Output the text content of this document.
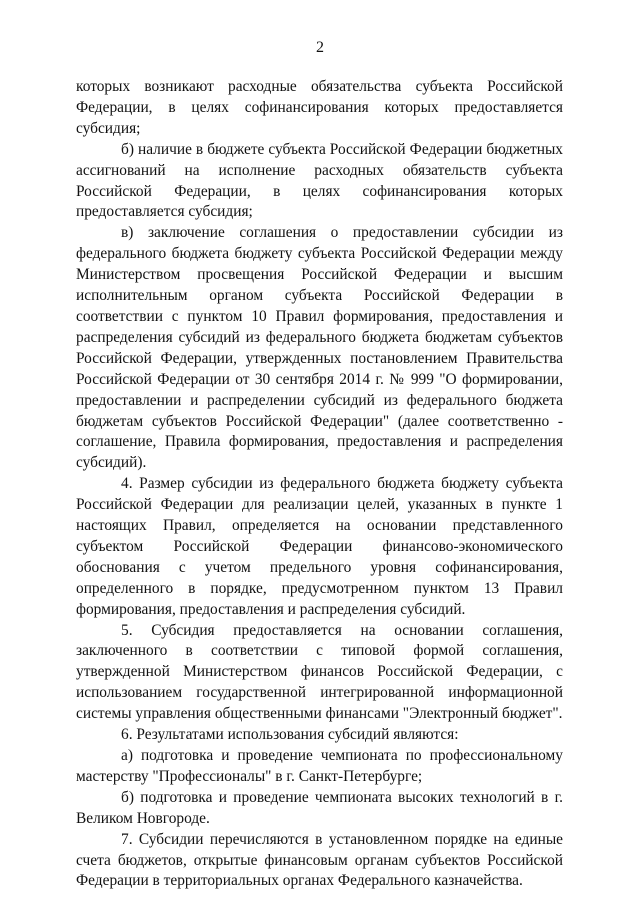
2

которых возникают расходные обязательства субъекта Российской Федерации, в целях софинансирования которых предоставляется субсидия;

б) наличие в бюджете субъекта Российской Федерации бюджетных ассигнований на исполнение расходных обязательств субъекта Российской Федерации, в целях софинансирования которых предоставляется субсидия;

в) заключение соглашения о предоставлении субсидии из федерального бюджета бюджету субъекта Российской Федерации между Министерством просвещения Российской Федерации и высшим исполнительным органом субъекта Российской Федерации в соответствии с пунктом 10 Правил формирования, предоставления и распределения субсидий из федерального бюджета бюджетам субъектов Российской Федерации, утвержденных постановлением Правительства Российской Федерации от 30 сентября 2014 г. № 999 "О формировании, предоставлении и распределении субсидий из федерального бюджета бюджетам субъектов Российской Федерации" (далее соответственно - соглашение, Правила формирования, предоставления и распределения субсидий).

4. Размер субсидии из федерального бюджета бюджету субъекта Российской Федерации для реализации целей, указанных в пункте 1 настоящих Правил, определяется на основании представленного субъектом Российской Федерации финансово-экономического обоснования с учетом предельного уровня софинансирования, определенного в порядке, предусмотренном пунктом 13 Правил формирования, предоставления и распределения субсидий.

5. Субсидия предоставляется на основании соглашения, заключенного в соответствии с типовой формой соглашения, утвержденной Министерством финансов Российской Федерации, с использованием государственной интегрированной информационной системы управления общественными финансами "Электронный бюджет".

6. Результатами использования субсидий являются:

а) подготовка и проведение чемпионата по профессиональному мастерству "Профессионалы" в г. Санкт-Петербурге;

б) подготовка и проведение чемпионата высоких технологий в г. Великом Новгороде.

7. Субсидии перечисляются в установленном порядке на единые счета бюджетов, открытые финансовым органам субъектов Российской Федерации в территориальных органах Федерального казначейства.
